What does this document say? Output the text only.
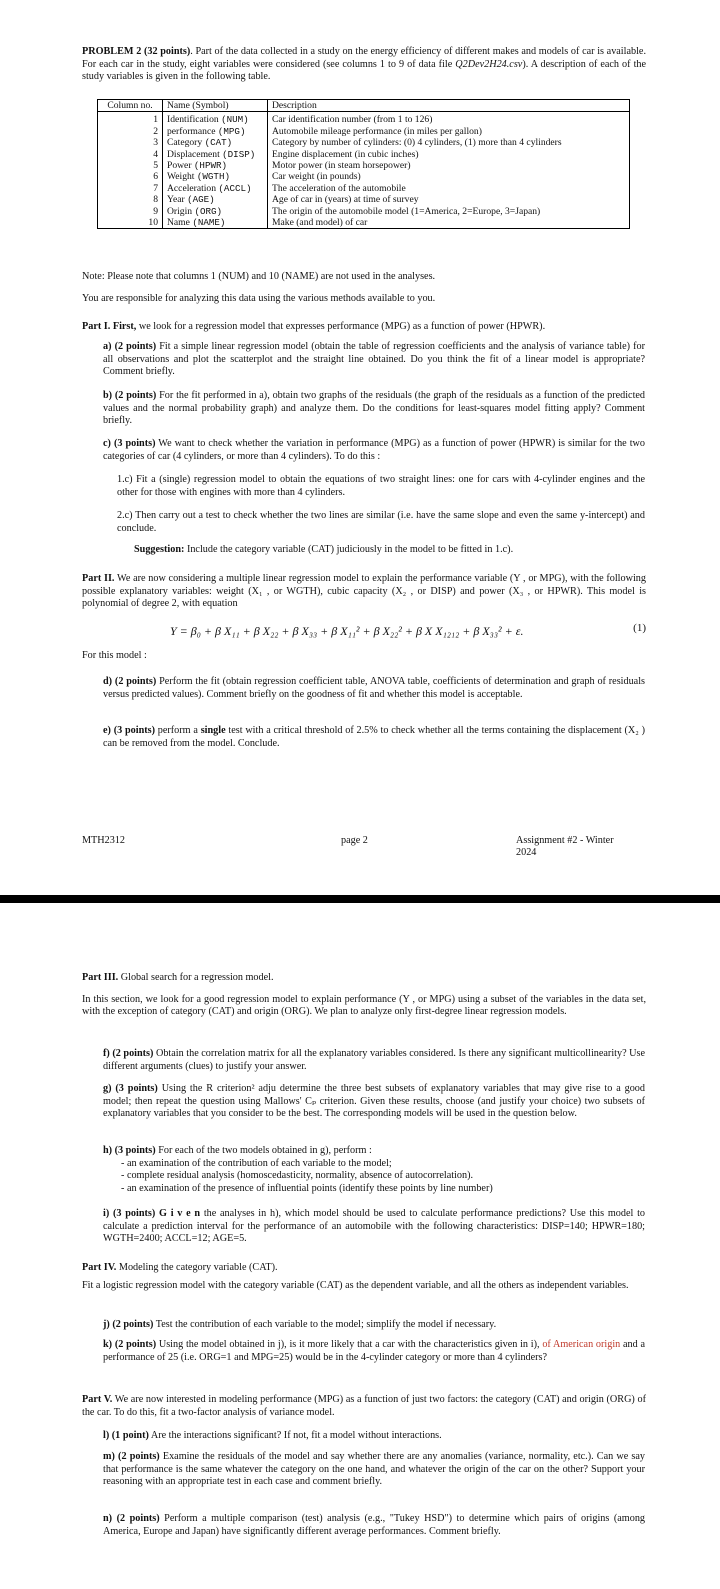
PROBLEM 2 (32 points). Part of the data collected in a study on the energy efficiency of different makes and models of car is available. For each car in the study, eight variables were considered (see columns 1 to 9 of data file Q2Dev2H24.csv). A description of each of the study variables is given in the following table.

Column no.	Name (Symbol)	Description
1	Identification (NUM)	Car identification number (from 1 to 126)
2	performance (MPG)	Automobile mileage performance (in miles per gallon)
3	Category (CAT)	Category by number of cylinders: (0) 4 cylinders, (1) more than 4 cylinders
4	Displacement (DISP)	Engine displacement (in cubic inches)
5	Power (HPWR)	Motor power (in steam horsepower)
6	Weight (WGTH)	Car weight (in pounds)
7	Acceleration (ACCL)	The acceleration of the automobile
8	Year (AGE)	Age of car in (years) at time of survey
9	Origin (ORG)	The origin of the automobile model (1=America, 2=Europe, 3=Japan)
10	Name (NAME)	Make (and model) of car

Note: Please note that columns 1 (NUM) and 10 (NAME) are not used in the analyses.

You are responsible for analyzing this data using the various methods available to you.

Part I. First, we look for a regression model that expresses performance (MPG) as a function of power (HPWR).

a) (2 points) Fit a simple linear regression model (obtain the table of regression coefficients and the analysis of variance table) for all observations and plot the scatterplot and the straight line obtained. Do you think the fit of a linear model is appropriate? Comment briefly.

b) (2 points) For the fit performed in a), obtain two graphs of the residuals (the graph of the residuals as a function of the predicted values and the normal probability graph) and analyze them. Do the conditions for least-squares model fitting apply? Comment briefly.

c) (3 points) We want to check whether the variation in performance (MPG) as a function of power (HPWR) is similar for the two categories of car (4 cylinders, or more than 4 cylinders). To do this :

1.c) Fit a (single) regression model to obtain the equations of two straight lines: one for cars with 4-cylinder engines and the other for those with engines with more than 4 cylinders.

2.c) Then carry out a test to check whether the two lines are similar (i.e. have the same slope and even the same y-intercept) and conclude.

Suggestion: Include the category variable (CAT) judiciously in the model to be fitted in 1.c).

Part II. We are now considering a multiple linear regression model to explain the performance variable (Y , or MPG), with the following possible explanatory variables: weight (X₁ , or WGTH), cubic capacity (X₂ , or DISP) and power (X₃ , or HPWR). This model is polynomial of degree 2, with equation

Y = β₀ + β X₁₁ + β X₂₂ + β X₃₃ + β X₁₁² + β X₂₂² + β X X₁₂₁₂ + β X₃₃² + ε.	(1)

For this model :

d) (2 points) Perform the fit (obtain regression coefficient table, ANOVA table, coefficients of determination and graph of residuals versus predicted values). Comment briefly on the goodness of fit and whether this model is acceptable.

e) (3 points) perform a single test with a critical threshold of 2.5% to check whether all the terms containing the displacement (X₂ ) can be removed from the model. Conclude.

MTH2312	page 2	Assignment #2 - Winter 2024

Part III. Global search for a regression model.

In this section, we look for a good regression model to explain performance (Y , or MPG) using a subset of the variables in the data set, with the exception of category (CAT) and origin (ORG). We plan to analyze only first-degree linear regression models.

f) (2 points) Obtain the correlation matrix for all the explanatory variables considered. Is there any significant multicollinearity? Use different arguments (clues) to justify your answer.

g) (3 points) Using the R criterion² adju determine the three best subsets of explanatory variables that may give rise to a good model; then repeat the question using Mallows' Cₚ criterion. Given these results, choose (and justify your choice) two subsets of explanatory variables that you consider to be the best. The corresponding models will be used in the question below.

h) (3 points) For each of the two models obtained in g), perform :

- an examination of the contribution of each variable to the model;
- complete residual analysis (homoscedasticity, normality, absence of autocorrelation).
- an examination of the presence of influential points (identify these points by line number)

i) (3 points) G i v e n the analyses in h), which model should be used to calculate performance predictions? Use this model to calculate a prediction interval for the performance of an automobile with the following characteristics: DISP=140; HPWR=180; WGTH=2400; ACCL=12; AGE=5.

Part IV. Modeling the category variable (CAT).

Fit a logistic regression model with the category variable (CAT) as the dependent variable, and all the others as independent variables.

j) (2 points) Test the contribution of each variable to the model; simplify the model if necessary.

k) (2 points) Using the model obtained in j), is it more likely that a car with the characteristics given in i), of American origin and a performance of 25 (i.e. ORG=1 and MPG=25) would be in the 4-cylinder category or more than 4 cylinders?

Part V. We are now interested in modeling performance (MPG) as a function of just two factors: the category (CAT) and origin (ORG) of the car. To do this, fit a two-factor analysis of variance model.

l) (1 point) Are the interactions significant? If not, fit a model without interactions.

m) (2 points) Examine the residuals of the model and say whether there are any anomalies (variance, normality, etc.). Can we say that performance is the same whatever the category on the one hand, and whatever the origin of the car on the other? Support your reasoning with an appropriate test in each case and comment briefly.

n) (2 points) Perform a multiple comparison (test) analysis (e.g., "Tukey HSD") to determine which pairs of origins (among America, Europe and Japan) have significantly different average performances. Comment briefly.
